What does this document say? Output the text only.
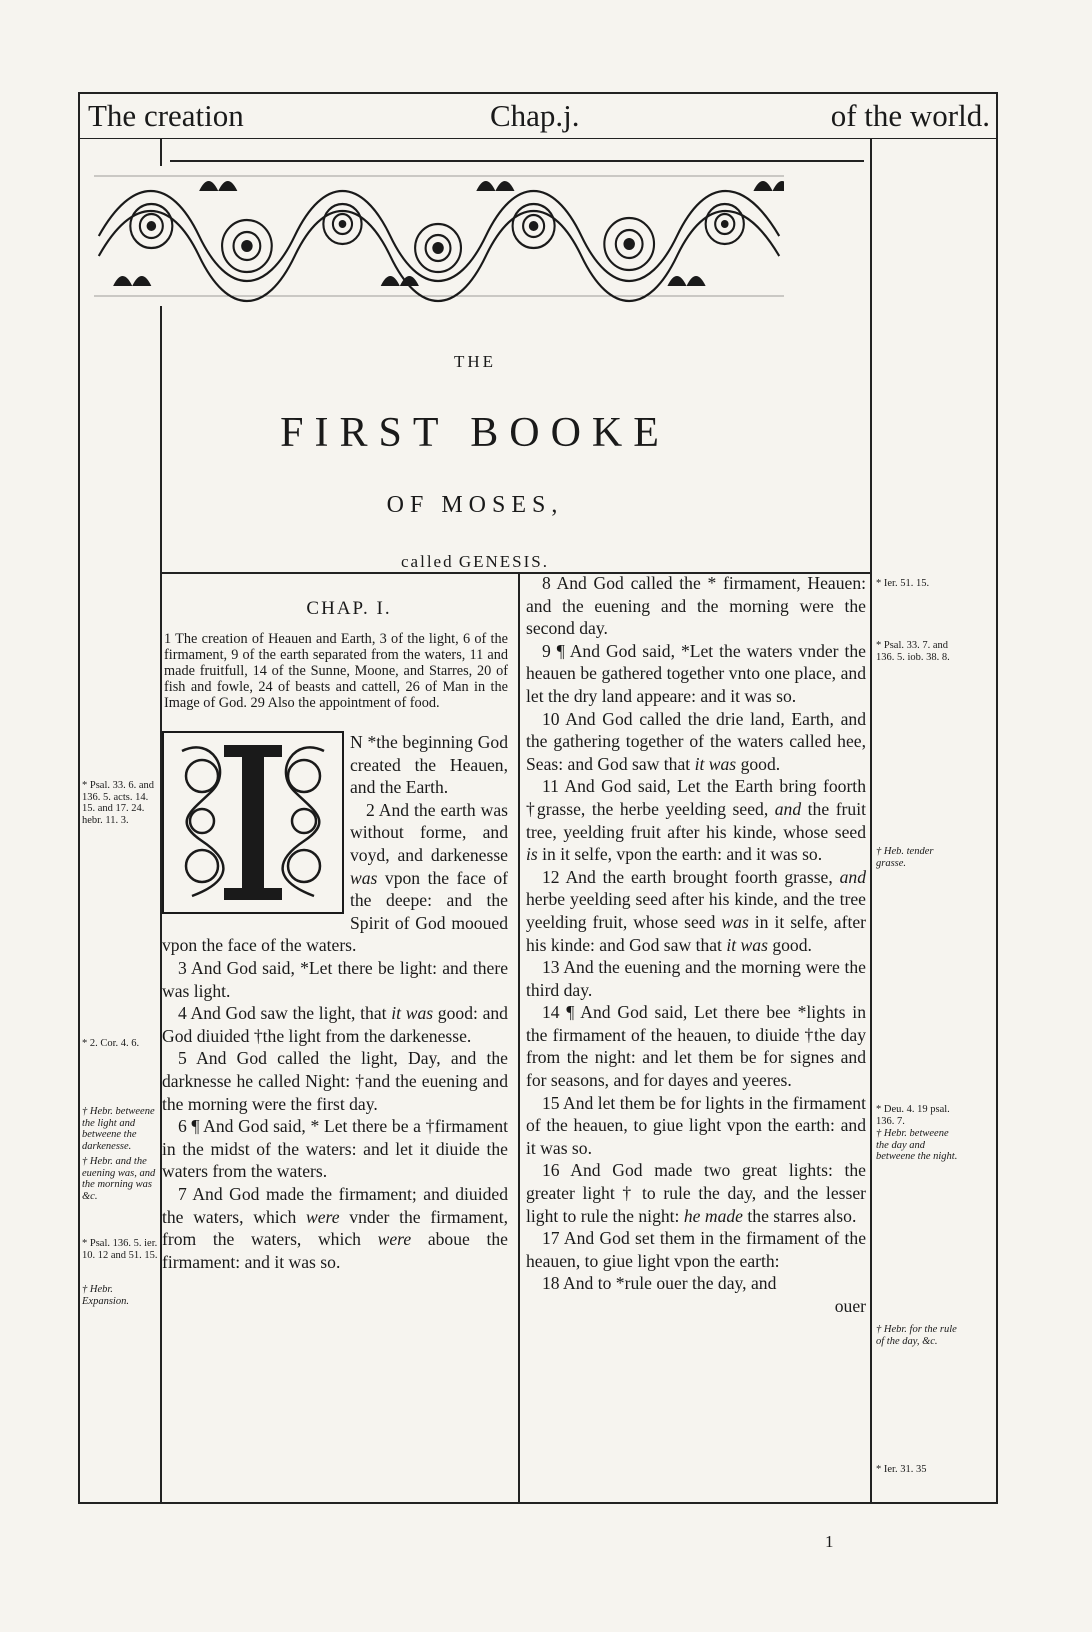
The creation	Chap.j.	of the world.
THE
FIRST BOOKE
OF MOSES,
called GENESIS.
CHAP. I.
1 The creation of Heauen and Earth, 3 of the light, 6 of the firmament, 9 of the earth separated from the waters, 11 and made fruitfull, 14 of the Sunne, Moone, and Starres, 20 of fish and fowle, 24 of beasts and cattell, 26 of Man in the Image of God. 29 Also the appointment of food.

N *the beginning God created the Heauen, and the Earth.

2 And the earth was without forme, and voyd, and darkenesse was vpon the face of the deepe: and the Spirit of God mooued vpon the face of the waters.

3 And God said, *Let there be light: and there was light.

4 And God saw the light, that it was good: and God diuided †the light from the darkenesse.

5 And God called the light, Day, and the darknesse he called Night: †and the euening and the morning were the first day.

6 ¶ And God said, * Let there be a †firmament in the midst of the waters: and let it diuide the waters from the waters.

7 And God made the firmament; and diuided the waters, which were vnder the firmament, from the waters, which were aboue the firmament: and it was so.

8 And God called the * firmament, Heauen: and the euening and the morning were the second day.

9 ¶ And God said, *Let the waters vnder the heauen be gathered together vnto one place, and let the dry land appeare: and it was so.

10 And God called the drie land, Earth, and the gathering together of the waters called hee, Seas: and God saw that it was good.

11 And God said, Let the Earth bring foorth †grasse, the herbe yeelding seed, and the fruit tree, yeelding fruit after his kinde, whose seed is in it selfe, vpon the earth: and it was so.

12 And the earth brought foorth grasse, and herbe yeelding seed after his kinde, and the tree yeelding fruit, whose seed was in it selfe, after his kinde: and God saw that it was good.

13 And the euening and the morning were the third day.

14 ¶ And God said, Let there bee *lights in the firmament of the heauen, to diuide †the day from the night: and let them be for signes and for seasons, and for dayes and yeeres.

15 And let them be for lights in the firmament of the heauen, to giue light vpon the earth: and it was so.

16 And God made two great lights: the greater light † to rule the day, and the lesser light to rule the night: he made the starres also.

17 And God set them in the firmament of the heauen, to giue light vpon the earth:

18 And to *rule ouer the day, and

ouer

* Psal. 33. 6. and 136. 5. acts. 14. 15. and 17. 24. hebr. 11. 3.
* 2. Cor. 4. 6.
† Hebr. betweene the light and betweene the darkenesse.
† Hebr. and the euening was, and the morning was &c.
* Psal. 136. 5. ier. 10. 12 and 51. 15.
† Hebr. Expansion.
* Ier. 51. 15.
* Psal. 33. 7. and 136. 5. iob. 38. 8.
† Heb. tender grasse.
* Deu. 4. 19 psal. 136. 7.
† Hebr. betweene the day and betweene the night.
† Hebr. for the rule of the day, &c.
* Ier. 31. 35
1
